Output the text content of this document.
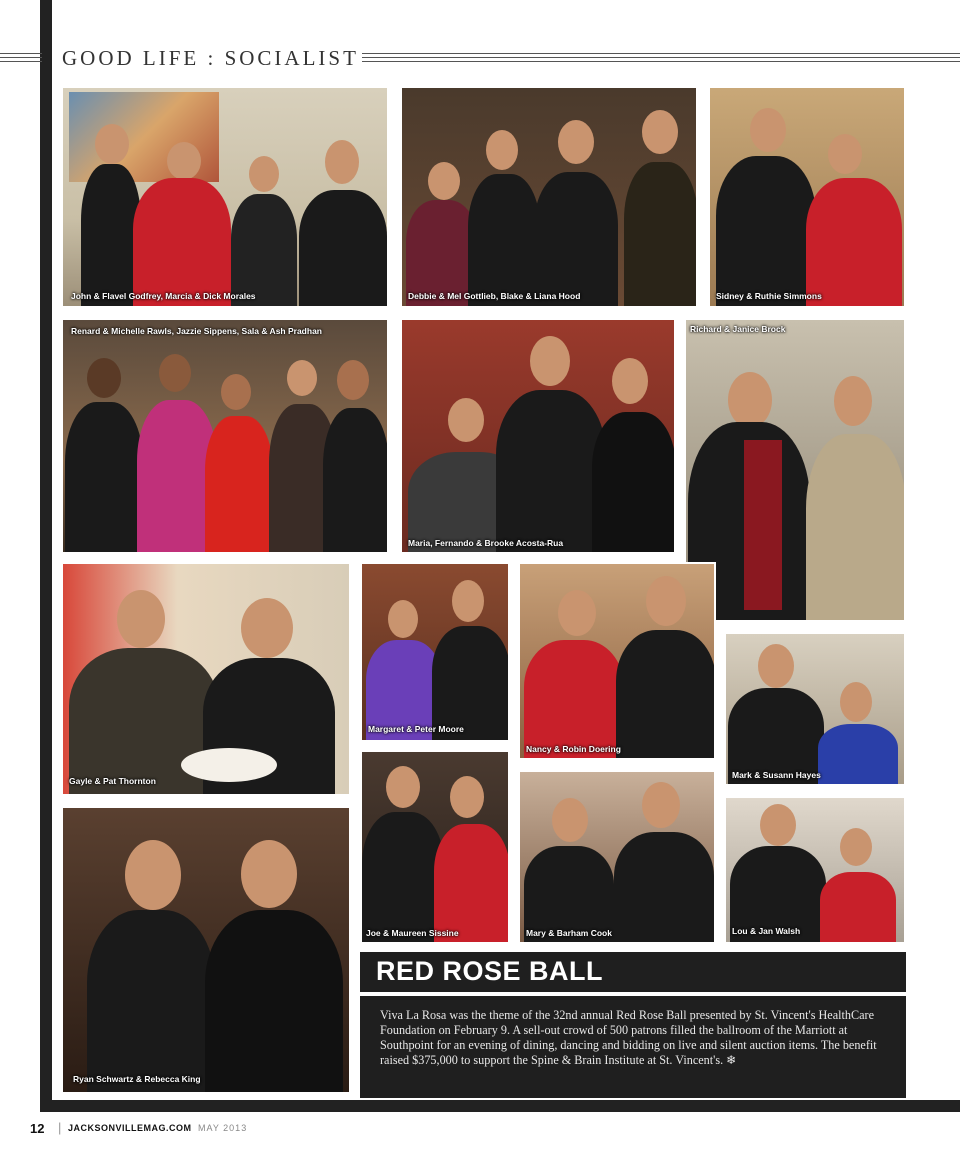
GOOD LIFE : SOCIALIST
John & Flavel Godfrey, Marcia & Dick Morales	Debbie & Mel Gottlieb, Blake & Liana Hood	Sidney & Ruthie Simmons
Renard & Michelle Rawls, Jazzie Sippens, Sala & Ash Pradhan
Maria, Fernando & Brooke Acosta-Rua
Richard & Janice Brock
Gayle & Pat Thornton
Margaret & Peter Moore
Nancy & Robin Doering
Mark & Susann Hayes
Ryan Schwartz & Rebecca King
Joe & Maureen Sissine	Mary & Barham Cook	Lou & Jan Walsh
RED ROSE BALL
Viva La Rosa was the theme of the 32nd annual Red Rose Ball presented by St. Vincent's HealthCare Foundation on February 9. A sell-out crowd of 500 patrons filled the ballroom of the Marriott at Southpoint for an evening of dining, dancing and bidding on live and silent auction items. The benefit raised $375,000 to support the Spine & Brain Institute at St. Vincent's. ❄
12 | JACKSONVILLEMAG.COM MAY 2013
